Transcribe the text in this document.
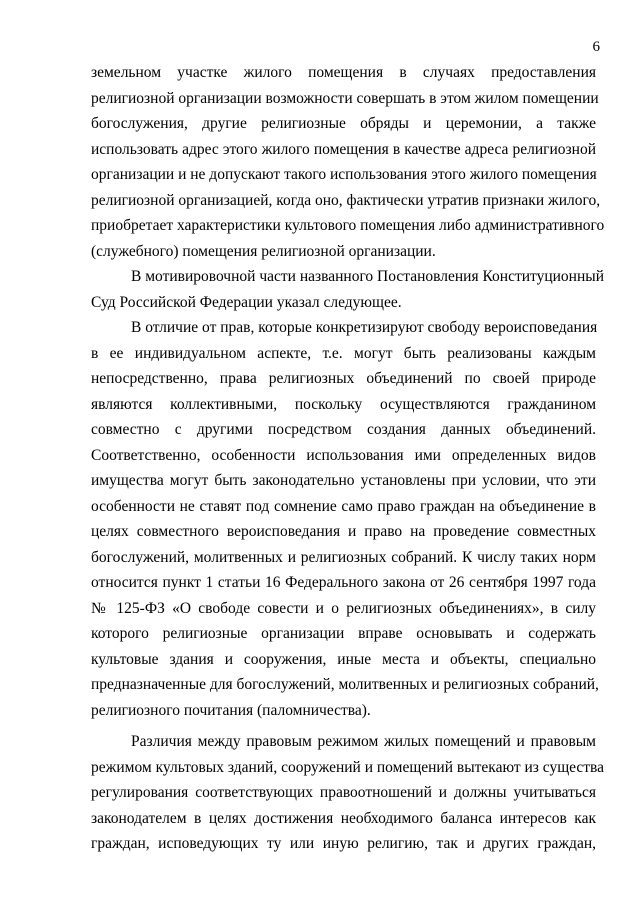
6
земельном участке жилого помещения в случаях предоставления
религиозной организации возможности совершать в этом жилом помещении
богослужения, другие религиозные обряды и церемонии, а также
использовать адрес этого жилого помещения в качестве адреса религиозной
организации и не допускают такого использования этого жилого помещения
религиозной организацией, когда оно, фактически утратив признаки жилого,
приобретает характеристики культового помещения либо административного
(служебного) помещения религиозной организации.
В мотивировочной части названного Постановления Конституционный
Суд Российской Федерации указал следующее.
В отличие от прав, которые конкретизируют свободу вероисповедания
в ее индивидуальном аспекте, т.е. могут быть реализованы каждым
непосредственно, права религиозных объединений по своей природе
являются коллективными, поскольку осуществляются гражданином
совместно с другими посредством создания данных объединений.
Соответственно, особенности использования ими определенных видов
имущества могут быть законодательно установлены при условии, что эти
особенности не ставят под сомнение само право граждан на объединение в
целях совместного вероисповедания и право на проведение совместных
богослужений, молитвенных и религиозных собраний. К числу таких норм
относится пункт 1 статьи 16 Федерального закона от 26 сентября 1997 года
№ 125-ФЗ «О свободе совести и о религиозных объединениях», в силу
которого религиозные организации вправе основывать и содержать
культовые здания и сооружения, иные места и объекты, специально
предназначенные для богослужений, молитвенных и религиозных собраний,
религиозного почитания (паломничества).
Различия между правовым режимом жилых помещений и правовым
режимом культовых зданий, сооружений и помещений вытекают из существа
регулирования соответствующих правоотношений и должны учитываться
законодателем в целях достижения необходимого баланса интересов как
граждан, исповедующих ту или иную религию, так и других граждан,
